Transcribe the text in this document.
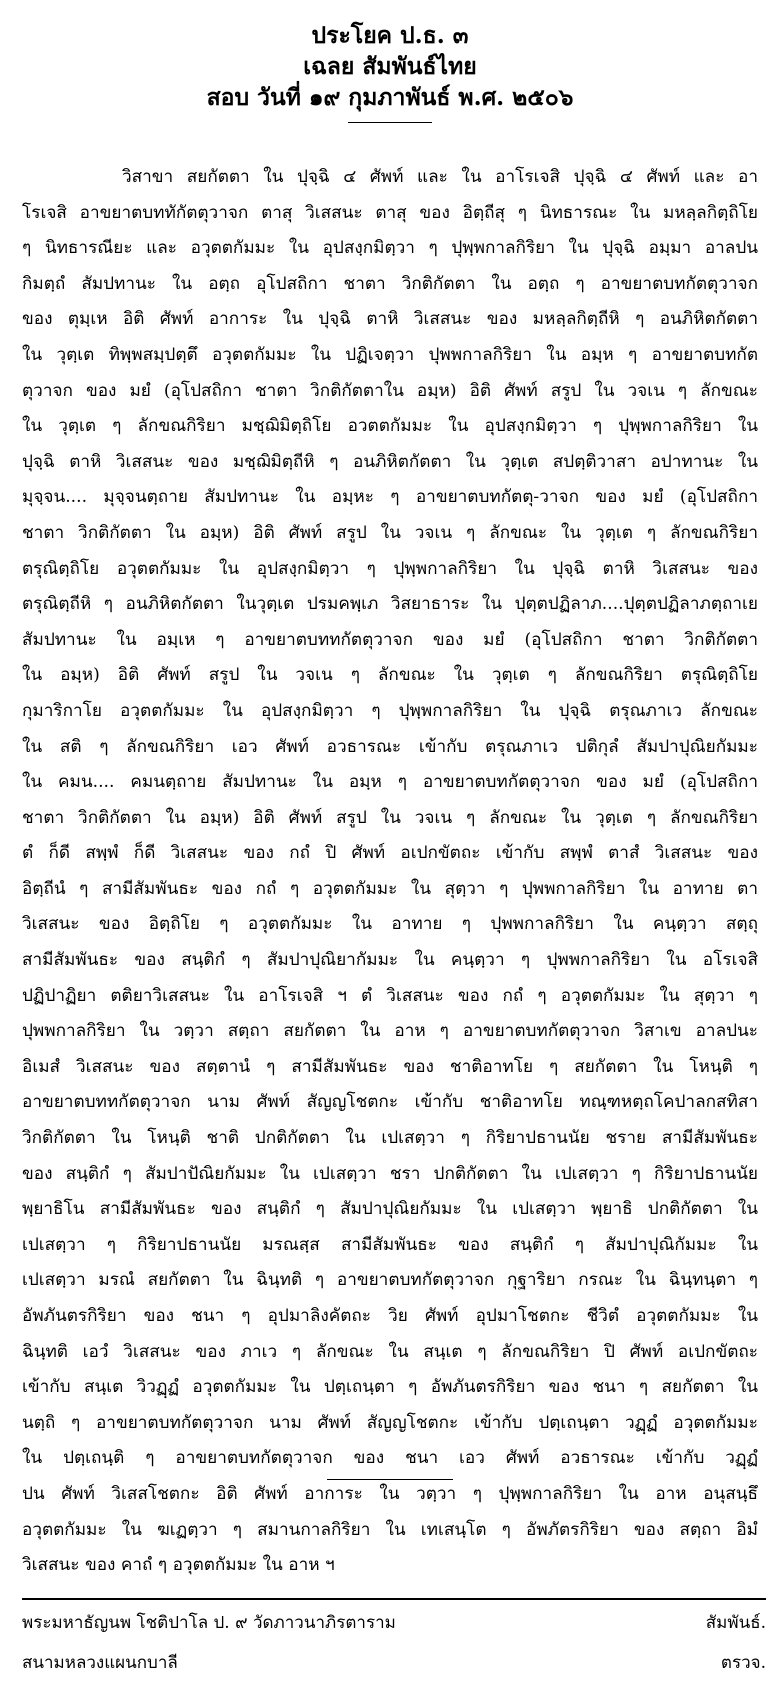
ประโยค ป.ธ. ๓
เฉลย สัมพันธ์ไทย
สอบ วันที่ ๑๙ กุมภาพันธ์ พ.ศ. ๒๕๐๖
วิสาขา สยกัตตา ใน ปุจฺฉิ ๔ ศัพท์ และ ใน อาโรเจสิ ปุจฺฉิ ๔ ศัพท์ และ อา
โรเจสิ อาขยาตบททักัตตุวาจก ตาสุ วิเสสนะ ตาสุ ของ อิตฺถีสุ ๆ นิทธารณะ ใน มหลฺลกิตฺถิโย
ๆ นิทธารณียะ และ อวุตตกัมมะ ใน อุปสงฺกมิตฺวา ๆ ปุพฺพกาลกิริยา ใน ปุจฺฉิ อมฺมา อาลปน
กิมตฺถํ สัมปทานะ ใน อตฺถ อุโปสถิกา ชาตา วิกติกัตตา ใน อตฺถ ๆ อาขยาตบทกัตตุวาจก
ของ ตุมฺเห อิติ ศัพท์ อาการะ ใน ปุจฺฉิ ตาหิ วิเสสนะ ของ มหลฺลกิตฺถีหิ ๆ อนภิหิตกัตตา
ใน วุตฺเต ทิพฺพสมฺปตฺตึ อวุตตกัมมะ ใน ปฏิเจตฺวา ปุพพกาลกิริยา ใน อมฺห ๆ อาขยาตบทกัต
ตุวาจก ของ มยํ (อุโปสถิกา ชาตา วิกติกัตตาใน อมฺห) อิติ ศัพท์ สรูป ใน วจเน ๆ ลักขณะ
ใน วุตฺเต ๆ ลักขณกิริยา มชฺฌิมิตฺถิโย อวตตกัมมะ ใน อุปสงฺกมิตฺวา ๆ ปุพฺพกาลกิริยา ใน
ปุจฺฉิ ตาหิ วิเสสนะ ของ มชฺฌิมิตฺถีหิ ๆ อนภิหิตกัตตา ใน วุตฺเต สปตฺติวาสา อปาทานะ ใน
มุจฺจน.... มุจฺจนตฺถาย สัมปทานะ ใน อมฺหะ ๆ อาขยาตบทกัตตุ-วาจก ของ มยํ (อุโปสถิกา
ชาตา วิกติกัตตา ใน อมฺห) อิติ ศัพท์ สรูป ใน วจเน ๆ ลักขณะ ใน วุตฺเต ๆ ลักขณกิริยา
ตรุณิตฺถิโย อวุตตกัมมะ ใน อุปสงฺกมิตฺวา ๆ ปุพฺพกาลกิริยา ใน ปุจฺฉิ ตาหิ วิเสสนะ ของ
ตรุณิตฺถีหิ ๆ อนภิหิตกัตตา ในวุตฺเต ปรมคพฺเภ วิสยาธาระ ใน ปุตฺตปฏิลาภ....ปุตฺตปฏิลาภตฺถาเย
สัมปทานะ ใน อมฺเห ๆ อาขยาตบททกัตตุวาจก ของ มยํ (อุโปสถิกา ชาตา วิกติกัตตา
ใน อมฺห) อิติ ศัพท์ สรูป ใน วจเน ๆ ลักขณะ ใน วุตฺเต ๆ ลักขณกิริยา ตรุณิตฺถิโย
กุมาริกาโย อวุตตกัมมะ ใน อุปสงฺกมิตฺวา ๆ ปุพฺพกาลกิริยา ใน ปุจฺฉิ ตรุณภาเว ลักขณะ
ใน สติ ๆ ลักขณกิริยา เอว ศัพท์ อวธารณะ เข้ากับ ตรุณภาเว ปติกุลํ สัมปาปุณิยกัมมะ
ใน คมน.... คมนตฺถาย สัมปทานะ ใน อมฺห ๆ อาขยาตบทกัตตุวาจก ของ มยํ (อุโปสถิกา
ชาตา วิกติกัตตา ใน อมฺห) อิติ ศัพท์ สรูป ใน วจเน ๆ ลักขณะ ใน วุตฺเต ๆ ลักขณกิริยา
ตํ ก็ดี สพฺพํ ก็ดี วิเสสนะ ของ กถํ ปิ ศัพท์ อเปกขัตถะ เข้ากับ สพฺพํ ตาสํ วิเสสนะ ของ
อิตฺถีนํ ๆ สามีสัมพันธะ ของ กถํ ๆ อวุตตกัมมะ ใน สุตฺวา ๆ ปุพพกาลกิริยา ใน อาทาย ตา
วิเสสนะ ของ อิตฺถิโย ๆ อวุตตกัมมะ ใน อาทาย ๆ ปุพพกาลกิริยา ใน คนฺตฺวา สตฺถุ
สามีสัมพันธะ ของ สนฺติกํ ๆ สัมปาปุณิยากัมมะ ใน คนฺตฺวา ๆ ปุพพกาลกิริยา ใน อโรเจสิ
ปฏิปาฏิยา ตติยาวิเสสนะ ใน อาโรเจสิ ฯ ตํ วิเสสนะ ของ กถํ ๆ อวุตตกัมมะ ใน สุตฺวา ๆ
ปุพพกาลกิริยา ใน วตฺวา สตฺถา สยกัตตา ใน อาห ๆ อาขยาตบทกัตตุวาจก วิสาเข อาลปนะ
อิเมสํ วิเสสนะ ของ สตฺตานํ ๆ สามีสัมพันธะ ของ ชาติอาทโย ๆ สยกัตตา ใน โหนฺติ ๆ
อาขยาตบททกัตตุวาจก นาม ศัพท์ สัญญโชตกะ เข้ากับ ชาติอาทโย ทณฺฑหตฺถโคปาลกสทิสา
วิกติกัตตา ใน โหนฺติ ชาติ ปกติกัตตา ใน เปเสตฺวา ๆ กิริยาปธานนัย ชราย สามีสัมพันธะ
ของ สนฺติกํ ๆ สัมปาปัณิยกัมมะ ใน เปเสตฺวา ชรา ปกติกัตตา ใน เปเสตฺวา ๆ กิริยาปธานนัย
พฺยาธิโน สามีสัมพันธะ ของ สนฺติกํ ๆ สัมปาปุณิยกัมมะ ใน เปเสตฺวา พฺยาธิ ปกติกัตตา ใน
เปเสตฺวา ๆ กิริยาปธานนัย มรณสฺส สามีสัมพันธะ ของ สนฺติกํ ๆ สัมปาปุณิกัมมะ ใน
เปเสตฺวา มรณํ สยกัตตา ใน ฉินฺทติ ๆ อาขยาตบทกัตตุวาจก กุฐาริยา กรณะ ใน ฉินฺทนฺตา ๆ
อัพภันตรกิริยา ของ ชนา ๆ อุปมาลิงคัตถะ วิย ศัพท์ อุปมาโชตกะ ชีวิตํ อวุตตกัมมะ ใน
ฉินฺทติ เอวํ วิเสสนะ ของ ภาเว ๆ ลักขณะ ใน สนฺเต ๆ ลักขณกิริยา ปิ ศัพท์ อเปกขัตถะ
เข้ากับ สนฺเต วิวฏฺฏํ อวุตตกัมมะ ใน ปตฺเถนฺตา ๆ อัพภันตรกิริยา ของ ชนา ๆ สยกัตตา ใน
นตฺถิ ๆ อาขยาตบทกัตตุวาจก นาม ศัพท์ สัญญโชตกะ เข้ากับ ปตฺเถนฺตา วฏฺฏํ อวุตตกัมมะ
ใน ปตฺเถนฺติ ๆ อาขยาตบทกัตตุวาจก ของ ชนา เอว ศัพท์ อวธารณะ เข้ากับ วฏฺฏํ
ปน ศัพท์ วิเสสโชตกะ อิติ ศัพท์ อาการะ ใน วตฺวา ๆ ปุพฺพกาลกิริยา ใน อาห อนุสนฺธึ
อวุตตกัมมะ ใน ฆเฏตฺวา ๆ สมานกาลกิริยา ใน เทเสนฺโต ๆ อัพภัตรกิริยา ของ สตฺถา อิมํ
วิเสสนะ ของ คาถํ ๆ อวุตตกัมมะ ใน อาห ฯ
พระมหาธัญนพ โชติปาโล ป. ๙ วัดภาวนาภิรตาราม	สัมพันธ์.
สนามหลวงแผนกบาลี	ตรวจ.
